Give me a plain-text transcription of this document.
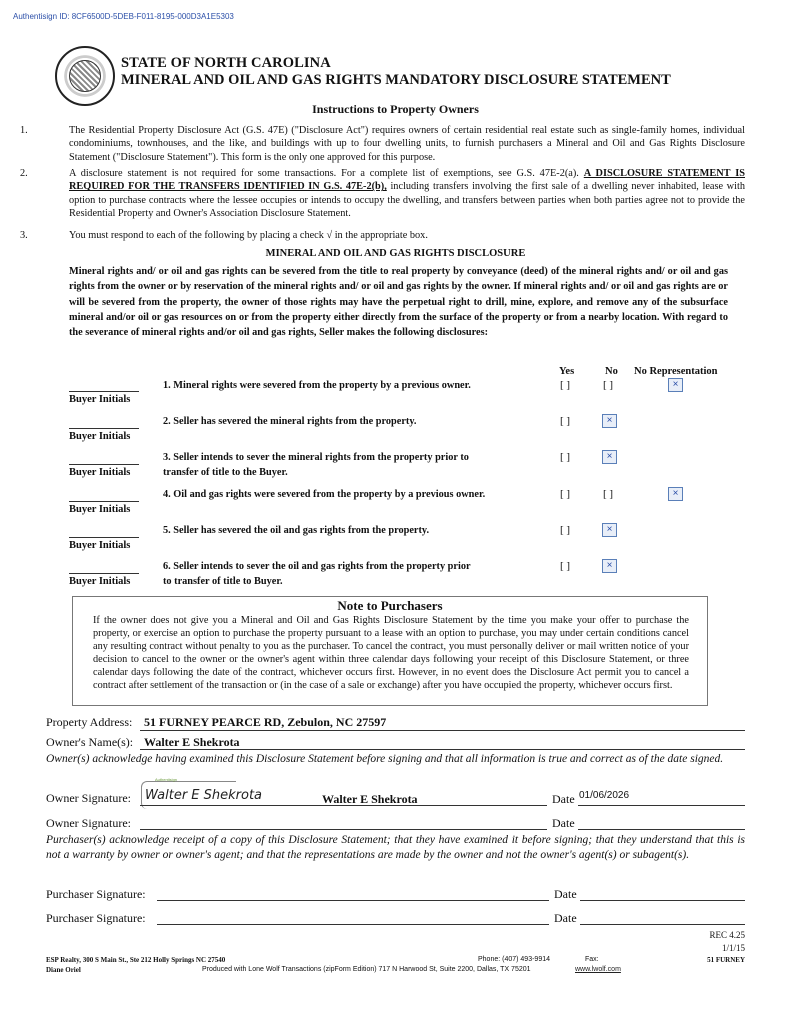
Authentisign ID: 8CF6500D-5DEB-F011-8195-000D3A1E5303
STATE OF NORTH CAROLINA
MINERAL AND OIL AND GAS RIGHTS MANDATORY DISCLOSURE STATEMENT
Instructions to Property Owners
1.	The Residential Property Disclosure Act (G.S. 47E) ("Disclosure Act") requires owners of certain residential real estate such as single-family homes, individual condominiums, townhouses, and the like, and buildings with up to four dwelling units, to furnish purchasers a Mineral and Oil and Gas Rights Disclosure Statement ("Disclosure Statement"). This form is the only one approved for this purpose.
2.	A disclosure statement is not required for some transactions. For a complete list of exemptions, see G.S. 47E-2(a). A DISCLOSURE STATEMENT IS REQUIRED FOR THE TRANSFERS IDENTIFIED IN G.S. 47E-2(b), including transfers involving the first sale of a dwelling never inhabited, lease with option to purchase contracts where the lessee occupies or intends to occupy the dwelling, and transfers between parties when both parties agree not to provide the Residential Property and Owner's Association Disclosure Statement.
3.	You must respond to each of the following by placing a check √ in the appropriate box.
MINERAL AND OIL AND GAS RIGHTS DISCLOSURE
Mineral rights and/ or oil and gas rights can be severed from the title to real property by conveyance (deed) of the mineral rights and/ or oil and gas rights from the owner or by reservation of the mineral rights and/ or oil and gas rights by the owner. If mineral rights and/ or oil and gas rights are or will be severed from the property, the owner of those rights may have the perpetual right to drill, mine, explore, and remove any of the subsurface mineral and/or oil or gas resources on or from the property either directly from the surface of the property or from a nearby location. With regard to the severance of mineral rights and/or oil and gas rights, Seller makes the following disclosures:
Yes	No No Representation
Buyer Initials
1. Mineral rights were severed from the property by a previous owner.	[ ]	[ ]	×
Buyer Initials
2. Seller has severed the mineral rights from the property.	[ ]	×
Buyer Initials
3. Seller intends to sever the mineral rights from the property prior to
transfer of title to the Buyer.
[ ]	×
Buyer Initials
4. Oil and gas rights were severed from the property by a previous owner.	[ ]	[ ]	×
Buyer Initials
5. Seller has severed the oil and gas rights from the property.	[ ]	×
Buyer Initials
6. Seller intends to sever the oil and gas rights from the property prior
to transfer of title to Buyer.
[ ]	×
Note to Purchasers
If the owner does not give you a Mineral and Oil and Gas Rights Disclosure Statement by the time you make your offer to purchase the property, or exercise an option to purchase the property pursuant to a lease with an option to purchase, you may under certain conditions cancel any resulting contract without penalty to you as the purchaser. To cancel the contract, you must personally deliver or mail written notice of your decision to cancel to the owner or the owner's agent within three calendar days following your receipt of this Disclosure Statement, or three calendar days following the date of the contract, whichever occurs first. However, in no event does the Disclosure Act permit you to cancel a contract after settlement of the transaction or (in the case of a sale or exchange) after you have occupied the property, whichever occurs first.
Property Address: 51 FURNEY PEARCE RD, Zebulon, NC 27597
Owner's Name(s): Walter E Shekrota
Owner(s) acknowledge having examined this Disclosure Statement before signing and that all information is true and correct as of the date signed.
Owner Signature:
Authentisign
Walter E Shekrota	Walter E Shekrota	Date 01/06/2026
Owner Signature:	Date
Purchaser(s) acknowledge receipt of a copy of this Disclosure Statement; that they have examined it before signing; that they understand that this is not a warranty by owner or owner's agent; and that the representations are made by the owner and not the owner's agent(s) or subagent(s).
Purchaser Signature:	Date
Purchaser Signature:	Date
REC 4.25
1/1/15
ESP Realty, 300 S Main St., Ste 212 Holly Springs NC 27540	Phone: (407) 493-9914	Fax:	51 FURNEY
Diane Oriel	Produced with Lone Wolf Transactions (zipForm Edition) 717 N Harwood St, Suite 2200, Dallas, TX 75201	www.lwolf.com
